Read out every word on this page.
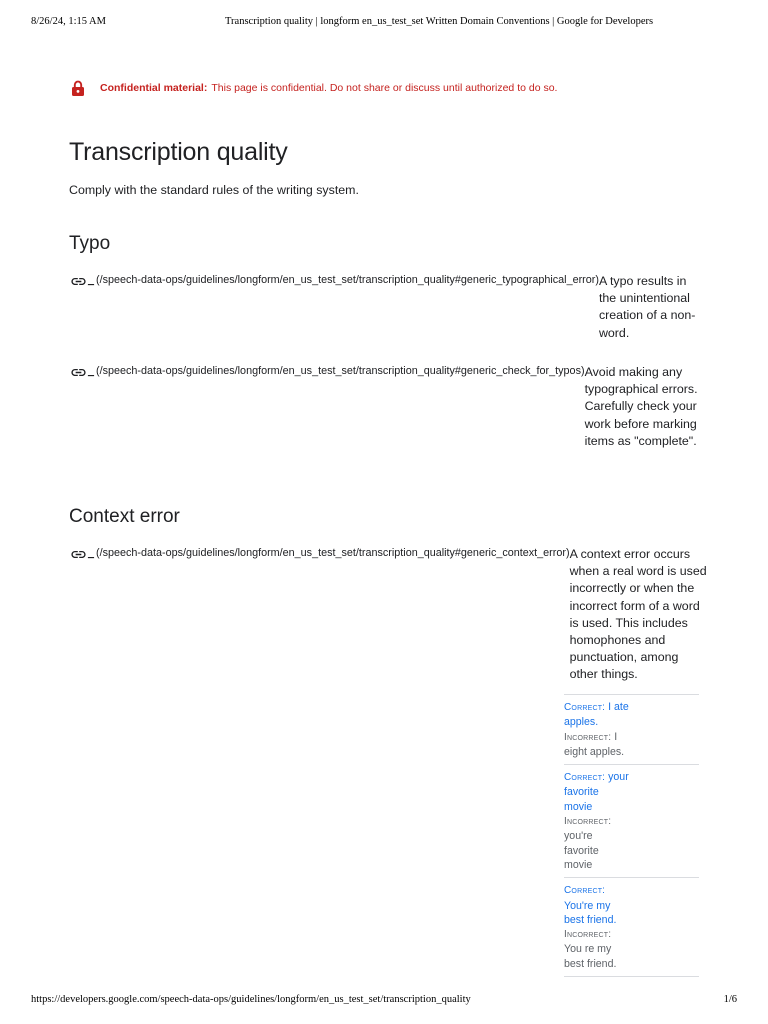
8/26/24, 1:15 AM	Transcription quality | longform en_us_test_set Written Domain Conventions | Google for Developers
Confidential material: This page is confidential. Do not share or discuss until authorized to do so.
Transcription quality

Comply with the standard rules of the writing system.

Typo
_ (/speech-data-ops/guidelines/longform/en_us_test_set/transcription_quality#generic_typographical_error) A typo results in
the unintentional
creation of a non-
word.
_ (/speech-data-ops/guidelines/longform/en_us_test_set/transcription_quality#generic_check_for_typos) Avoid making any
typographical errors.
Carefully check your
work before marking
items as "complete".
Context error
_ (/speech-data-ops/guidelines/longform/en_us_test_set/transcription_quality#generic_context_error) A context error occurs
when a real word is used
incorrectly or when the
incorrect form of a word
is used. This includes
homophones and
punctuation, among
other things.
Correct: I ate apples.
Incorrect: I eight apples.
Correct: your favorite movie
Incorrect: you're favorite movie
Correct: You're my best friend.
Incorrect: You re my best friend.
https://developers.google.com/speech-data-ops/guidelines/longform/en_us_test_set/transcription_quality	1/6
